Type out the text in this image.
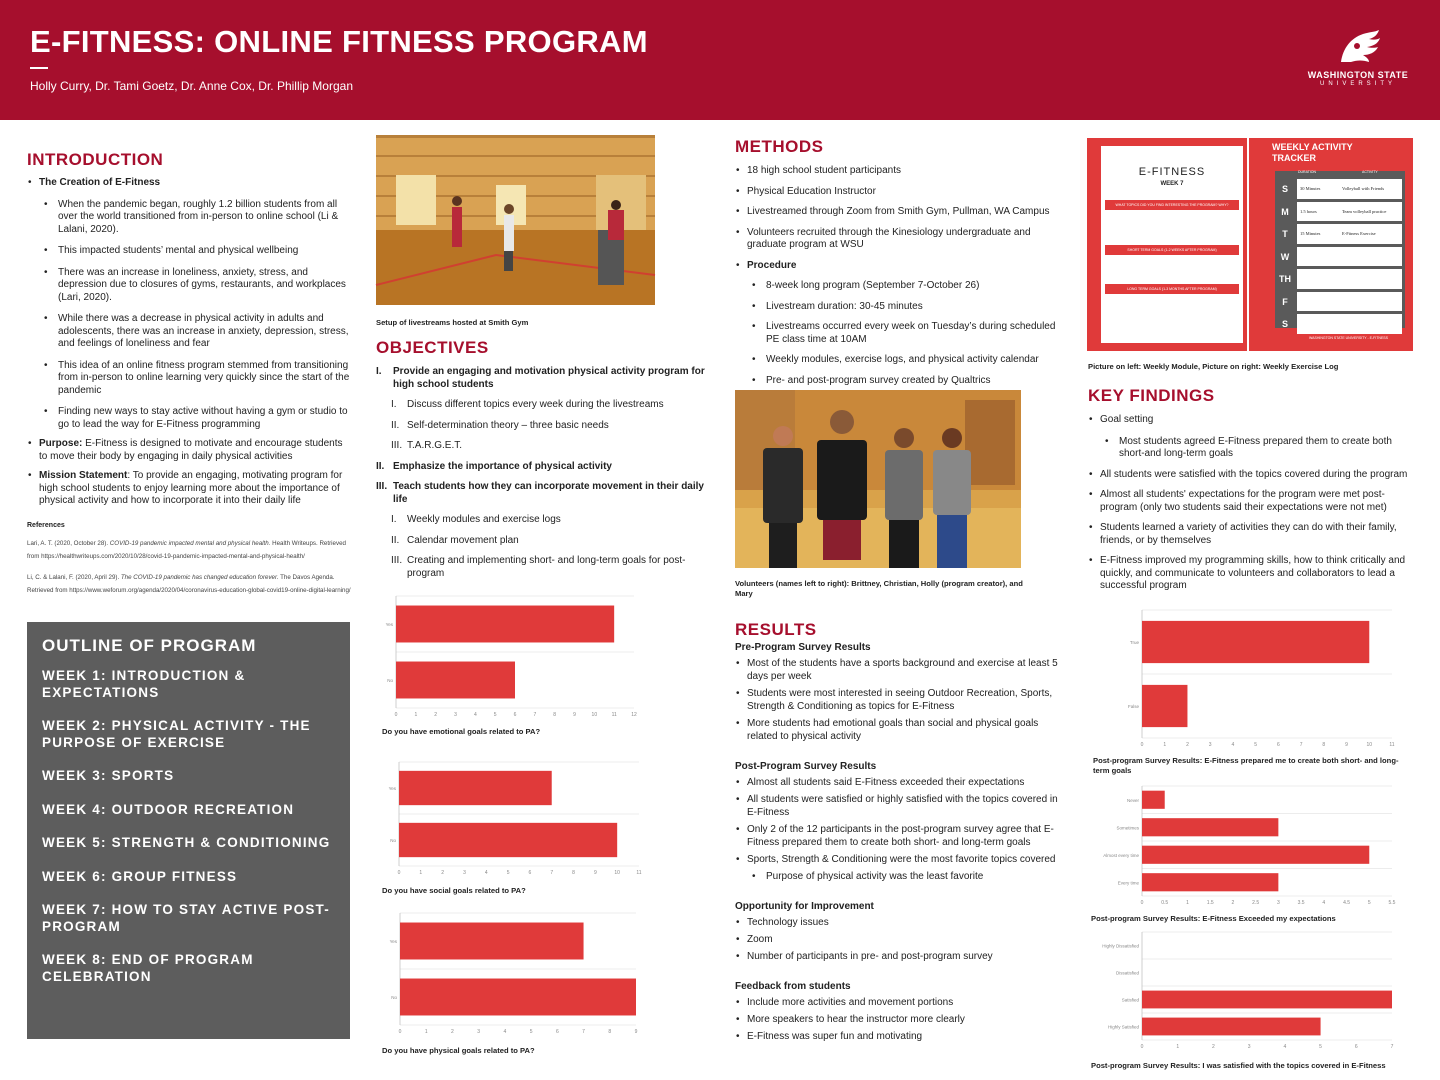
E-FITNESS: ONLINE FITNESS PROGRAM
Holly Curry, Dr. Tami Goetz, Dr. Anne Cox, Dr. Phillip Morgan
WASHINGTON STATE
UNIVERSITY
INTRODUCTION
• The Creation of E-Fitness
• When the pandemic began, roughly 1.2 billion students from all over the world transitioned from in-person to online school (Li & Lalani, 2020).
• This impacted students’ mental and physical wellbeing
• There was an increase in loneliness, anxiety, stress, and depression due to closures of gyms, restaurants, and workplaces (Lari, 2020).
• While there was a decrease in physical activity in adults and adolescents, there was an increase in anxiety, depression, stress, and feelings of loneliness and fear
• This idea of an online fitness program stemmed from transitioning from in-person to online learning very quickly since the start of the pandemic
• Finding new ways to stay active without having a gym or studio to go to lead the way for E-Fitness programming
• Purpose: E-Fitness is designed to motivate and encourage students to move their body by engaging in daily physical activities
• Mission Statement: To provide an engaging, motivating program for high school students to enjoy learning more about the importance of physical activity and how to incorporate it into their daily life
References
Lari, A. T. (2020, October 28). COVID-19 pandemic impacted mental and physical health. Health Writeups. Retrieved from https://healthwriteups.com/2020/10/28/covid-19-pandemic-impacted-mental-and-physical-health/
Li, C. & Lalani, F. (2020, April 29). The COVID-19 pandemic has changed education forever. The Davos Agenda. Retrieved from https://www.weforum.org/agenda/2020/04/coronavirus-education-global-covid19-online-digital-learning/
OUTLINE OF PROGRAM
WEEK 1: INTRODUCTION & EXPECTATIONS
WEEK 2: PHYSICAL ACTIVITY - THE PURPOSE OF EXERCISE
WEEK 3: SPORTS
WEEK 4: OUTDOOR RECREATION
WEEK 5: STRENGTH & CONDITIONING
WEEK 6: GROUP FITNESS
WEEK 7: HOW TO STAY ACTIVE POST-PROGRAM
WEEK 8: END OF PROGRAM CELEBRATION
Setup of livestreams hosted at Smith Gym
OBJECTIVES
I. Provide an engaging and motivation physical activity program for high school students
I. Discuss different topics every week during the livestreams
II. Self-determination theory – three basic needs
III. T.A.R.G.E.T.
II. Emphasize the importance of physical activity
III. Teach students how they can incorporate movement in their daily life
I. Weekly modules and exercise logs
II. Calendar movement plan
III. Creating and implementing short- and long-term goals for post-program
Yes
No
0	1	2	3	4	5	6	7	8	9	10	11	12
Do you have emotional goals related to PA?
Yes
No
0	1	2	3	4	5	6	7	8	9	10	11
Do you have social goals related to PA?
Yes
No
0	1	2	3	4	5	6	7	8	9
Do you have physical goals related to PA?
METHODS
• 18 high school student participants
• Physical Education Instructor
• Livestreamed through Zoom from Smith Gym, Pullman, WA Campus
• Volunteers recruited through the Kinesiology undergraduate and graduate program at WSU
• Procedure
• 8-week long program (September 7-October 26)
• Livestream duration: 30-45 minutes
• Livestreams occurred every week on Tuesday’s during scheduled PE class time at 10AM
• Weekly modules, exercise logs, and physical activity calendar
• Pre- and post-program survey created by Qualtrics
Volunteers (names left to right): Brittney, Christian, Holly (program creator), and Mary
RESULTS
Pre-Program Survey Results
• Most of the students have a sports background and exercise at least 5 days per week
• Students were most interested in seeing Outdoor Recreation, Sports, Strength & Conditioning as topics for E-Fitness
• More students had emotional goals than social and physical goals related to physical activity
Post-Program Survey Results
• Almost all students said E-Fitness exceeded their expectations
• All students were satisfied or highly satisfied with the topics covered in E-Fitness
• Only 2 of the 12 participants in the post-program survey agree that E-Fitness prepared them to create both short- and long-term goals
• Sports, Strength & Conditioning were the most favorite topics covered
• Purpose of physical activity was the least favorite
Opportunity for Improvement
• Technology issues
• Zoom
• Number of participants in pre- and post-program survey
Feedback from students
• Include more activities and movement portions
• More speakers to hear the instructor more clearly
• E-Fitness was super fun and motivating
E-FITNESS
WEEK 7
WHAT TOPICS DID YOU FIND INTERESTING THE PROGRAM? WHY?
SHORT TERM GOALS (1-2 WEEKS AFTER PROGRAM)
LONG TERM GOALS (1-3 MONTHS AFTER PROGRAM)
WEEKLY ACTIVITY TRACKER
DURATION	ACTIVITY
S	30 Minutes	Volleyball with Friends
M	1.5 hours	Team volleyball practice
T	15 Minutes	E-Fitness Exercise
W
TH
F
S
WASHINGTON STATE UNIVERSITY - E-FITNESS
Picture on left: Weekly Module, Picture on right: Weekly Exercise Log
KEY FINDINGS
• Goal setting
• Most students agreed E-Fitness prepared them to create both short-and long-term goals
• All students were satisfied with the topics covered during the program
• Almost all students' expectations for the program were met post-program (only two students said their expectations were not met)
• Students learned a variety of activities they can do with their family, friends, or by themselves
• E-Fitness improved my programming skills, how to think critically and quickly, and communicate to volunteers and collaborators to lead a successful program
True
False
0	1	2	3	4	5	6	7	8	9	10	11
Post-program Survey Results: E-Fitness prepared me to create both short- and long-term goals
Never
Sometimes
Almost every time
Every time
0	0.5	1	1.5	2	2.5	3	3.5	4	4.5	5	5.5
Post-program Survey Results: E-Fitness Exceeded my expectations
Highly Dissatisfied
Dissatisfied
Satisfied
Highly Satisfied
0	1	2	3	4	5	6	7
Post-program Survey Results: I was satisfied with the topics covered in E-Fitness
